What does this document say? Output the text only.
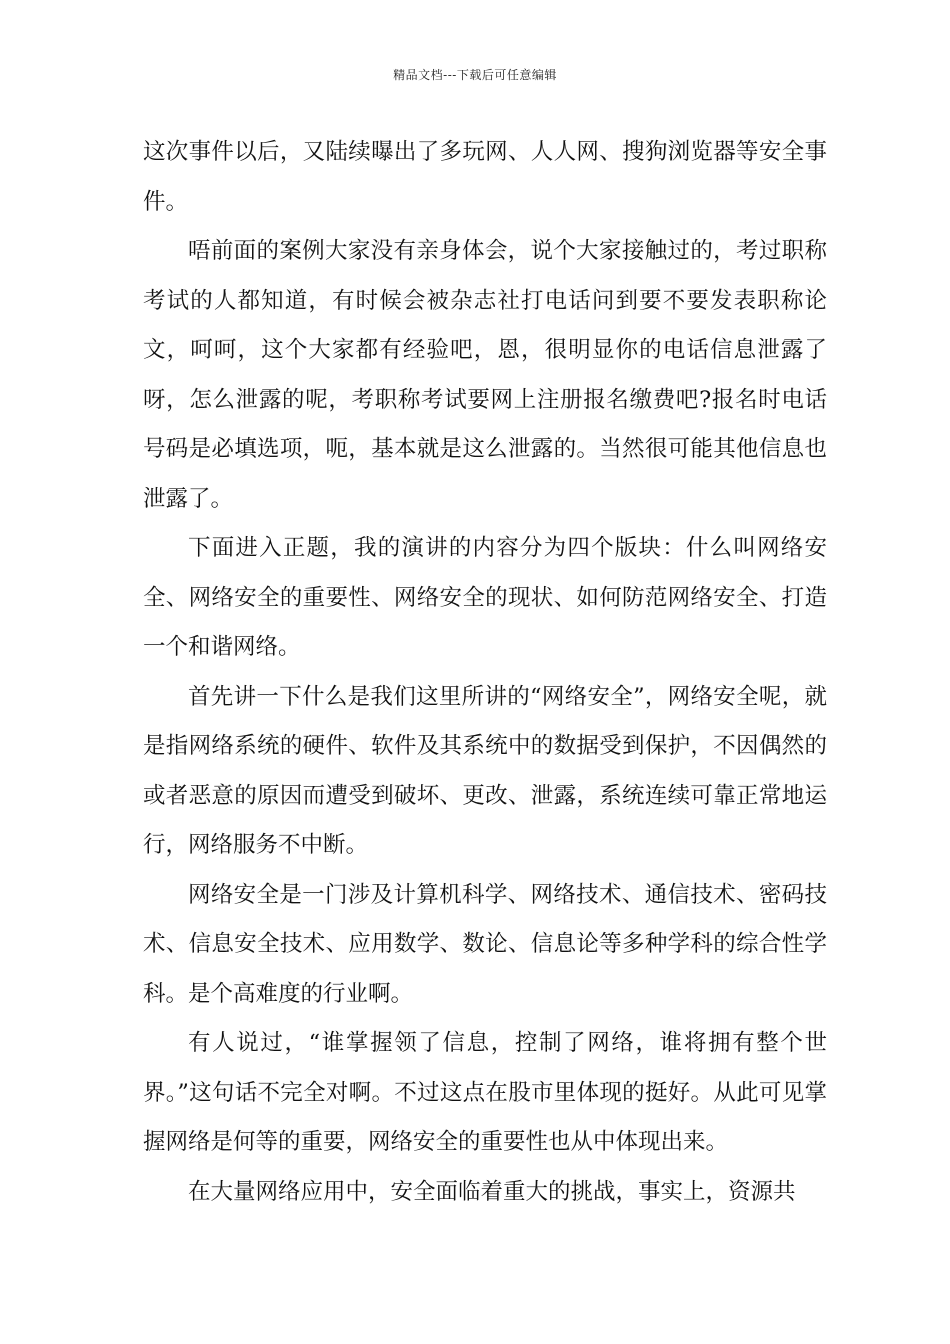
精品文档---下载后可任意编辑

这次事件以后，又陆续曝出了多玩网、人人网、搜狗浏览器等安全事件。

唔前面的案例大家没有亲身体会，说个大家接触过的，考过职称考试的人都知道，有时候会被杂志社打电话问到要不要发表职称论文，呵呵，这个大家都有经验吧，恩，很明显你的电话信息泄露了呀，怎么泄露的呢，考职称考试要网上注册报名缴费吧?报名时电话号码是必填选项，呃，基本就是这么泄露的。当然很可能其他信息也泄露了。

下面进入正题，我的演讲的内容分为四个版块：什么叫网络安全、网络安全的重要性、网络安全的现状、如何防范网络安全、打造一个和谐网络。

首先讲一下什么是我们这里所讲的“网络安全”，网络安全呢，就是指网络系统的硬件、软件及其系统中的数据受到保护，不因偶然的或者恶意的原因而遭受到破坏、更改、泄露，系统连续可靠正常地运行，网络服务不中断。

网络安全是一门涉及计算机科学、网络技术、通信技术、密码技术、信息安全技术、应用数学、数论、信息论等多种学科的综合性学科。是个高难度的行业啊。

有人说过，“谁掌握领了信息，控制了网络，谁将拥有整个世界。”这句话不完全对啊。不过这点在股市里体现的挺好。从此可见掌握网络是何等的重要，网络安全的重要性也从中体现出来。

在大量网络应用中，安全面临着重大的挑战，事实上，资源共
